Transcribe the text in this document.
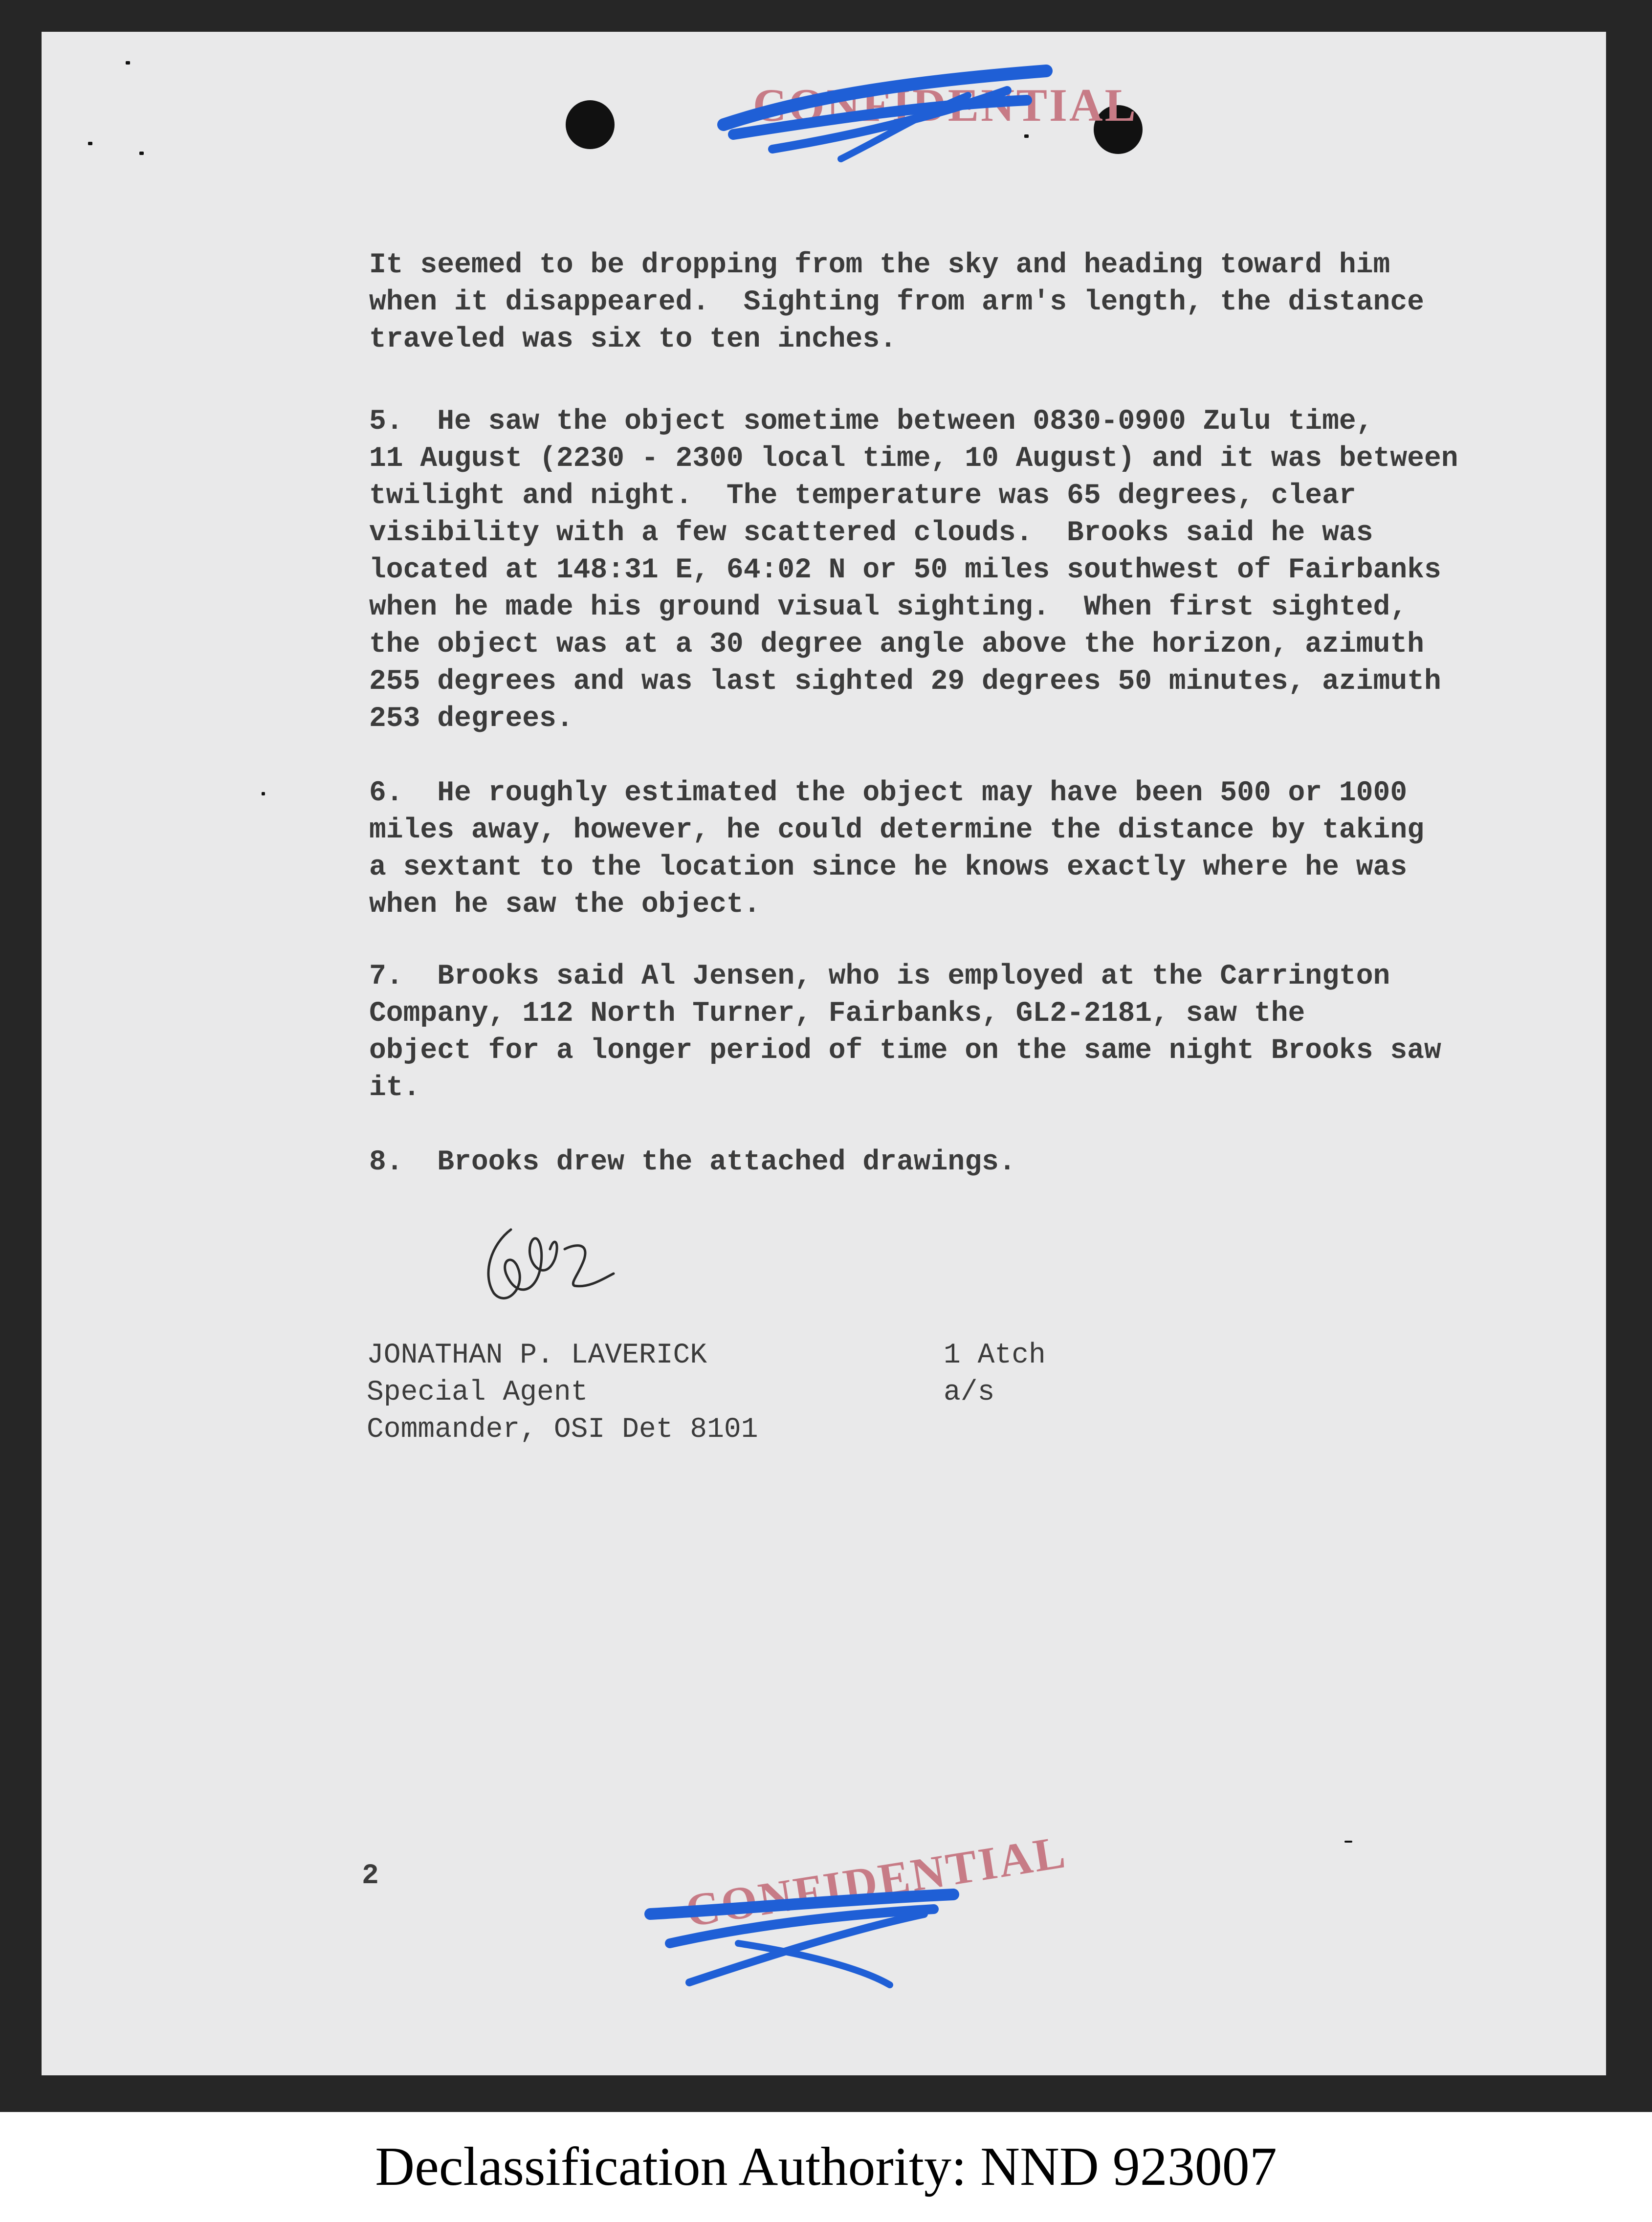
CONFIDENTIAL
It seemed to be dropping from the sky and heading toward him
when it disappeared.  Sighting from arm's length, the distance
traveled was six to ten inches.
5.  He saw the object sometime between 0830-0900 Zulu time,
11 August (2230 - 2300 local time, 10 August) and it was between
twilight and night.  The temperature was 65 degrees, clear
visibility with a few scattered clouds.  Brooks said he was
located at 148:31 E, 64:02 N or 50 miles southwest of Fairbanks
when he made his ground visual sighting.  When first sighted,
the object was at a 30 degree angle above the horizon, azimuth
255 degrees and was last sighted 29 degrees 50 minutes, azimuth
253 degrees.
6.  He roughly estimated the object may have been 500 or 1000
miles away, however, he could determine the distance by taking
a sextant to the location since he knows exactly where he was
when he saw the object.
7.  Brooks said Al Jensen, who is employed at the Carrington
Company, 112 North Turner, Fairbanks, GL2-2181, saw the
object for a longer period of time on the same night Brooks saw
it.
8.  Brooks drew the attached drawings.
JONATHAN P. LAVERICK
Special Agent
Commander, OSI Det 8101
1 Atch
a/s
2	CONFIDENTIAL
Declassification Authority: NND 923007
